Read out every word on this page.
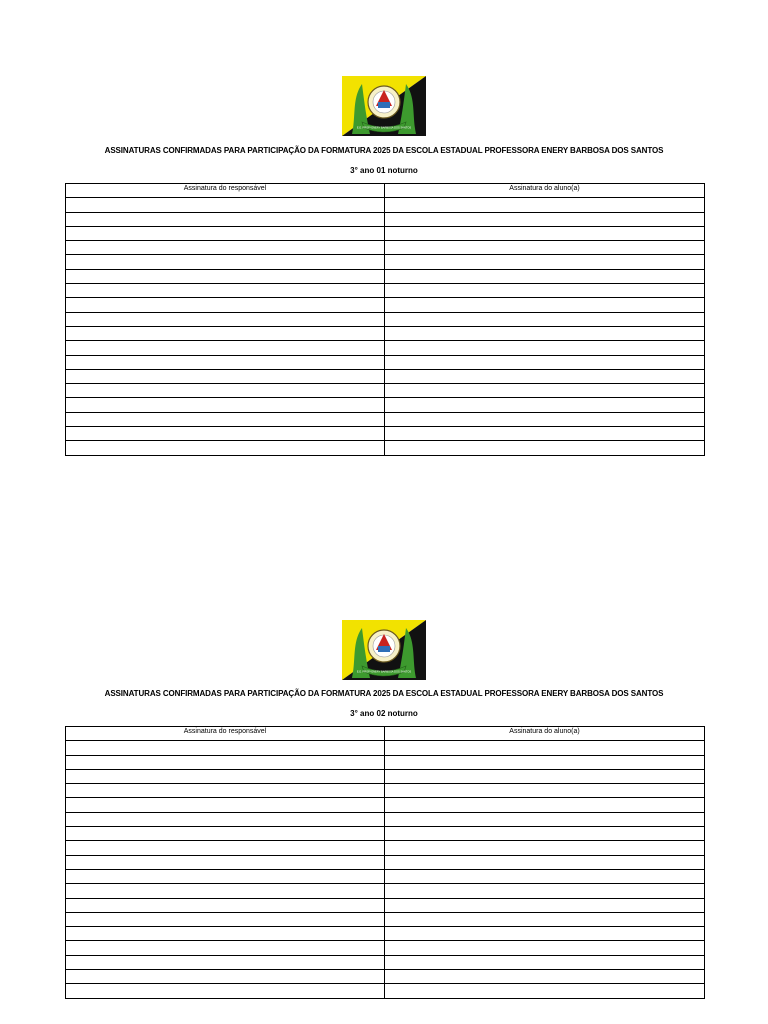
E.E. PROFª ENERY BARBOSA DOS SANTOS
ASSINATURAS CONFIRMADAS PARA PARTICIPAÇÃO DA FORMATURA 2025 DA ESCOLA ESTADUAL PROFESSORA ENERY BARBOSA DOS SANTOS
3° ano 01 noturno
Assinatura do responsável	Assinatura do aluno(a)

E.E. PROFª ENERY BARBOSA DOS SANTOS
ASSINATURAS CONFIRMADAS PARA PARTICIPAÇÃO DA FORMATURA 2025 DA ESCOLA ESTADUAL PROFESSORA ENERY BARBOSA DOS SANTOS
3° ano 02 noturno
Assinatura do responsável	Assinatura do aluno(a)
